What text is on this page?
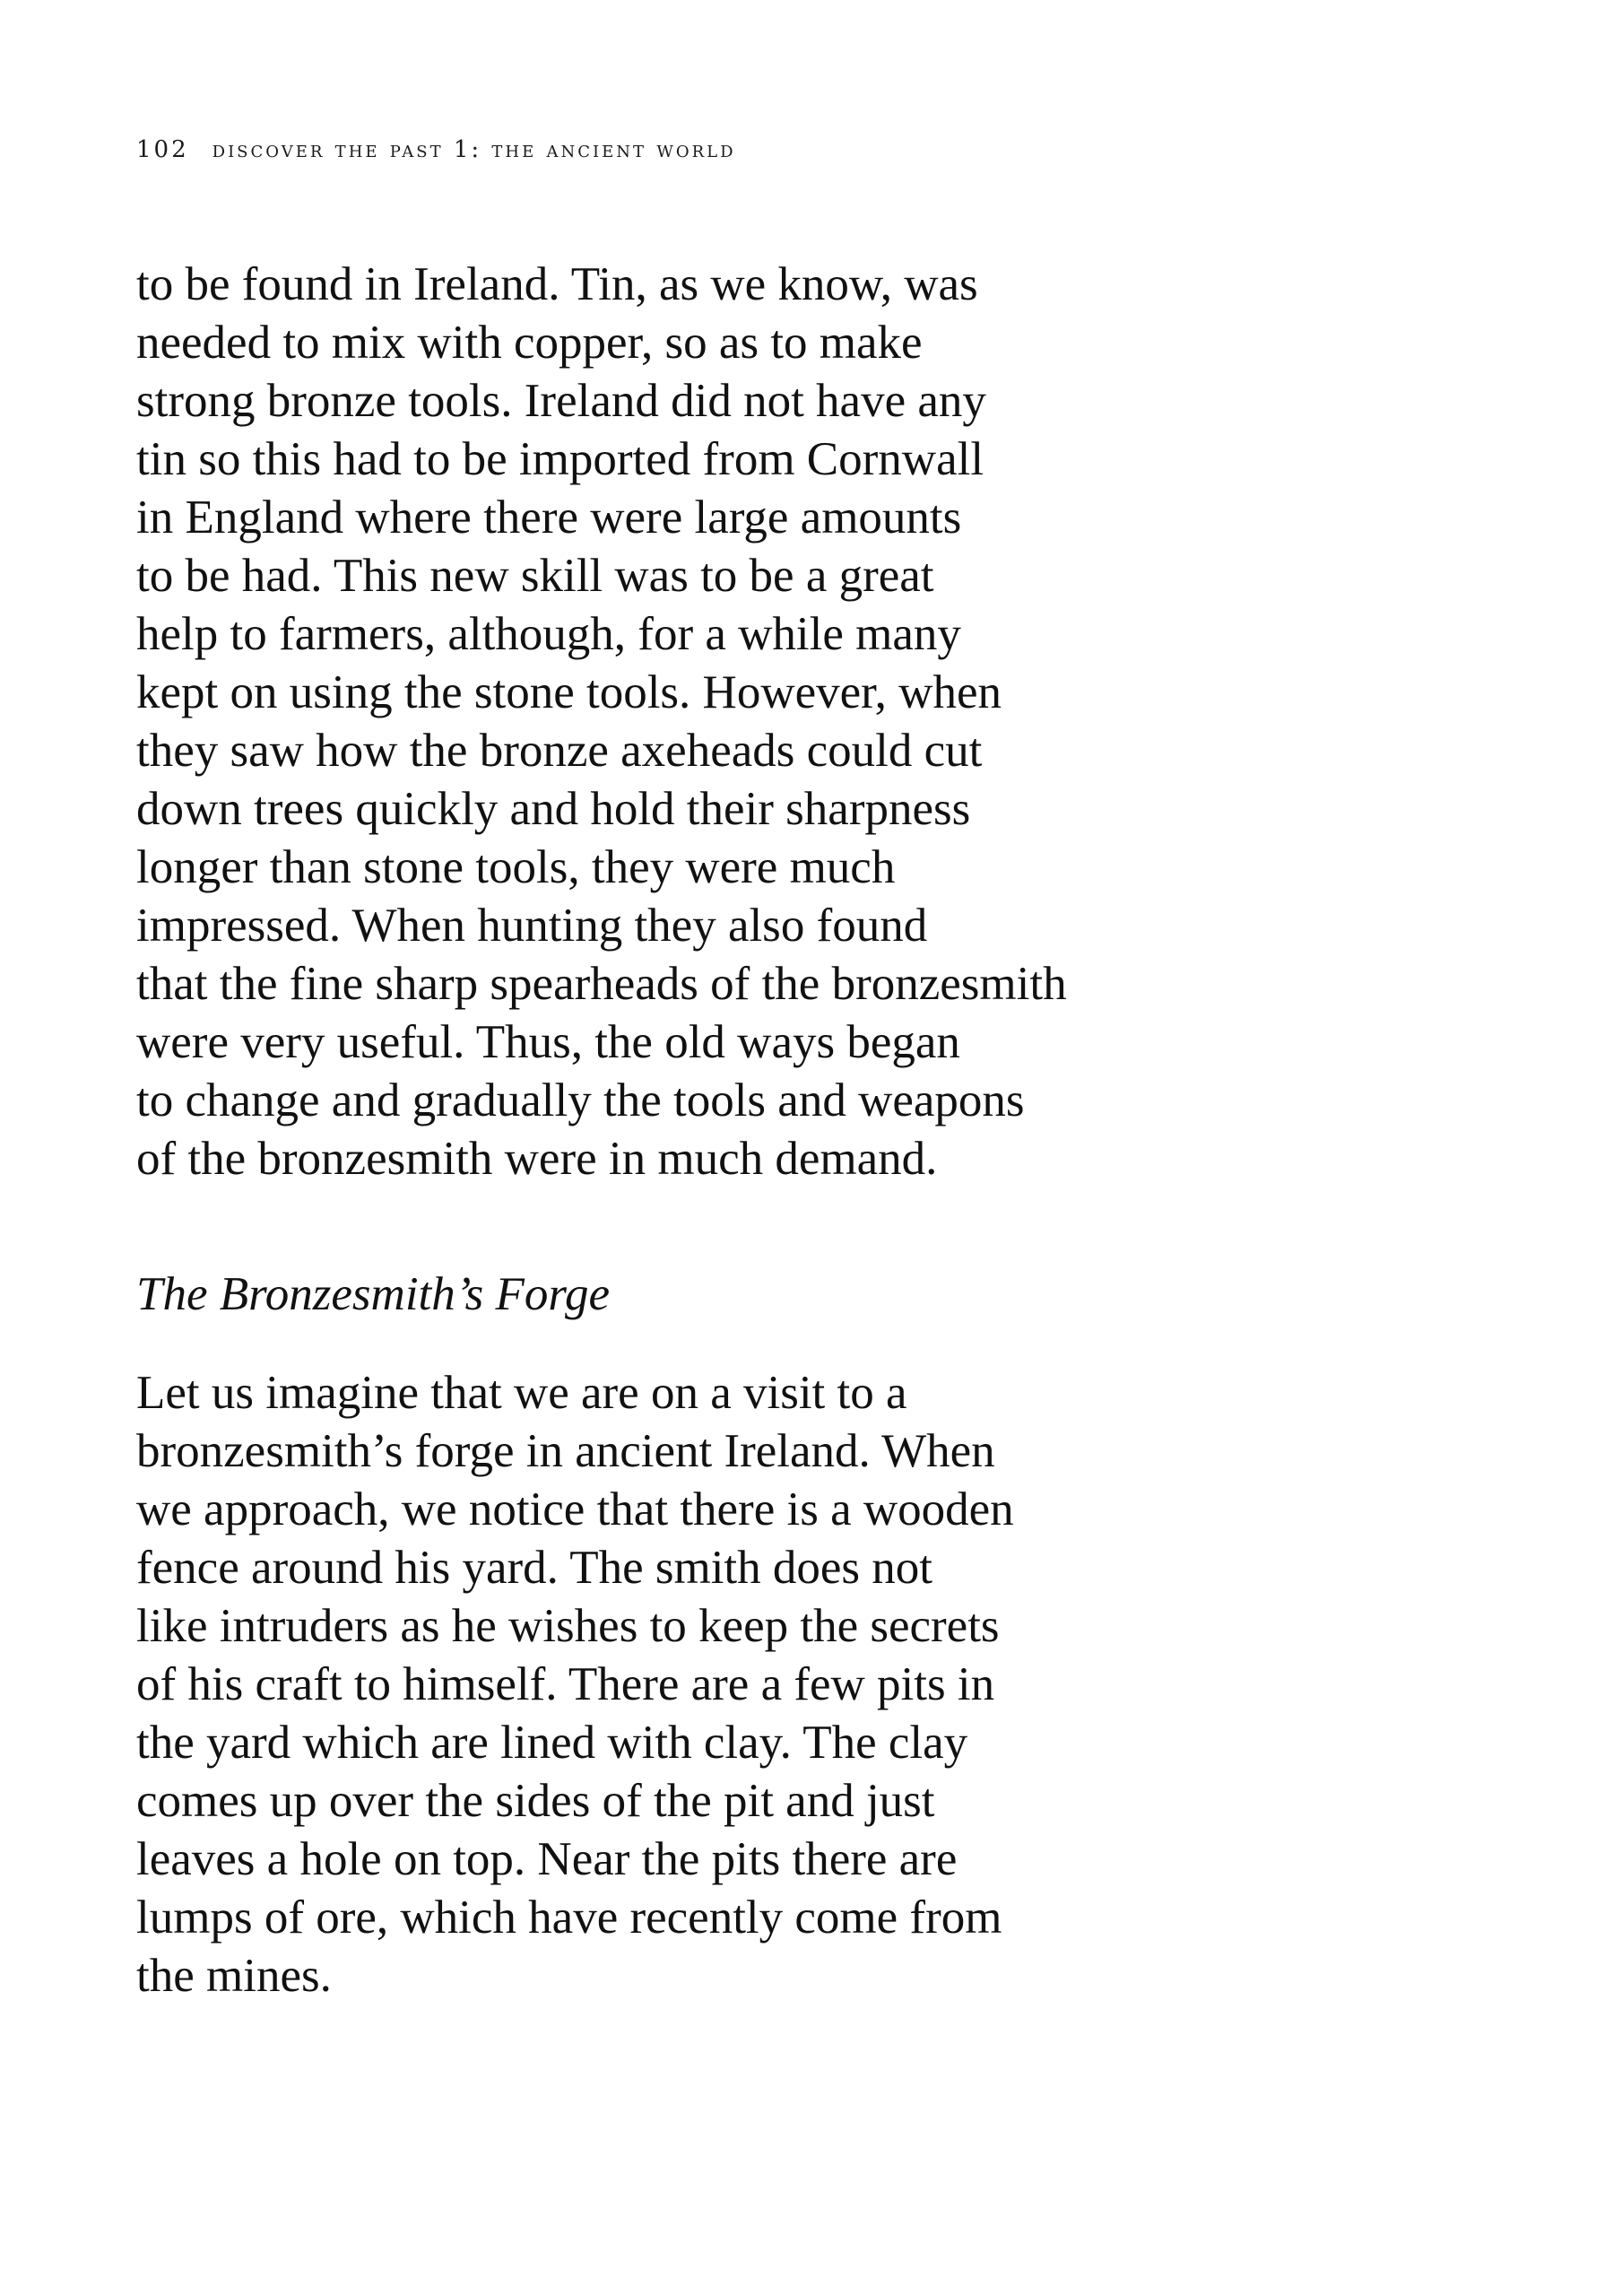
102 discover the past 1: the ancient world
to be found in Ireland. Tin, as we know, was
needed to mix with copper, so as to make
strong bronze tools. Ireland did not have any
tin so this had to be imported from Cornwall
in England where there were large amounts
to be had. This new skill was to be a great
help to farmers, although, for a while many
kept on using the stone tools. However, when
they saw how the bronze axeheads could cut
down trees quickly and hold their sharpness
longer than stone tools, they were much
impressed. When hunting they also found
that the fine sharp spearheads of the bronzesmith
were very useful. Thus, the old ways began
to change and gradually the tools and weapons
of the bronzesmith were in much demand.
The Bronzesmith’s Forge
Let us imagine that we are on a visit to a
bronzesmith’s forge in ancient Ireland. When
we approach, we notice that there is a wooden
fence around his yard. The smith does not
like intruders as he wishes to keep the secrets
of his craft to himself. There are a few pits in
the yard which are lined with clay. The clay
comes up over the sides of the pit and just
leaves a hole on top. Near the pits there are
lumps of ore, which have recently come from
the mines.
